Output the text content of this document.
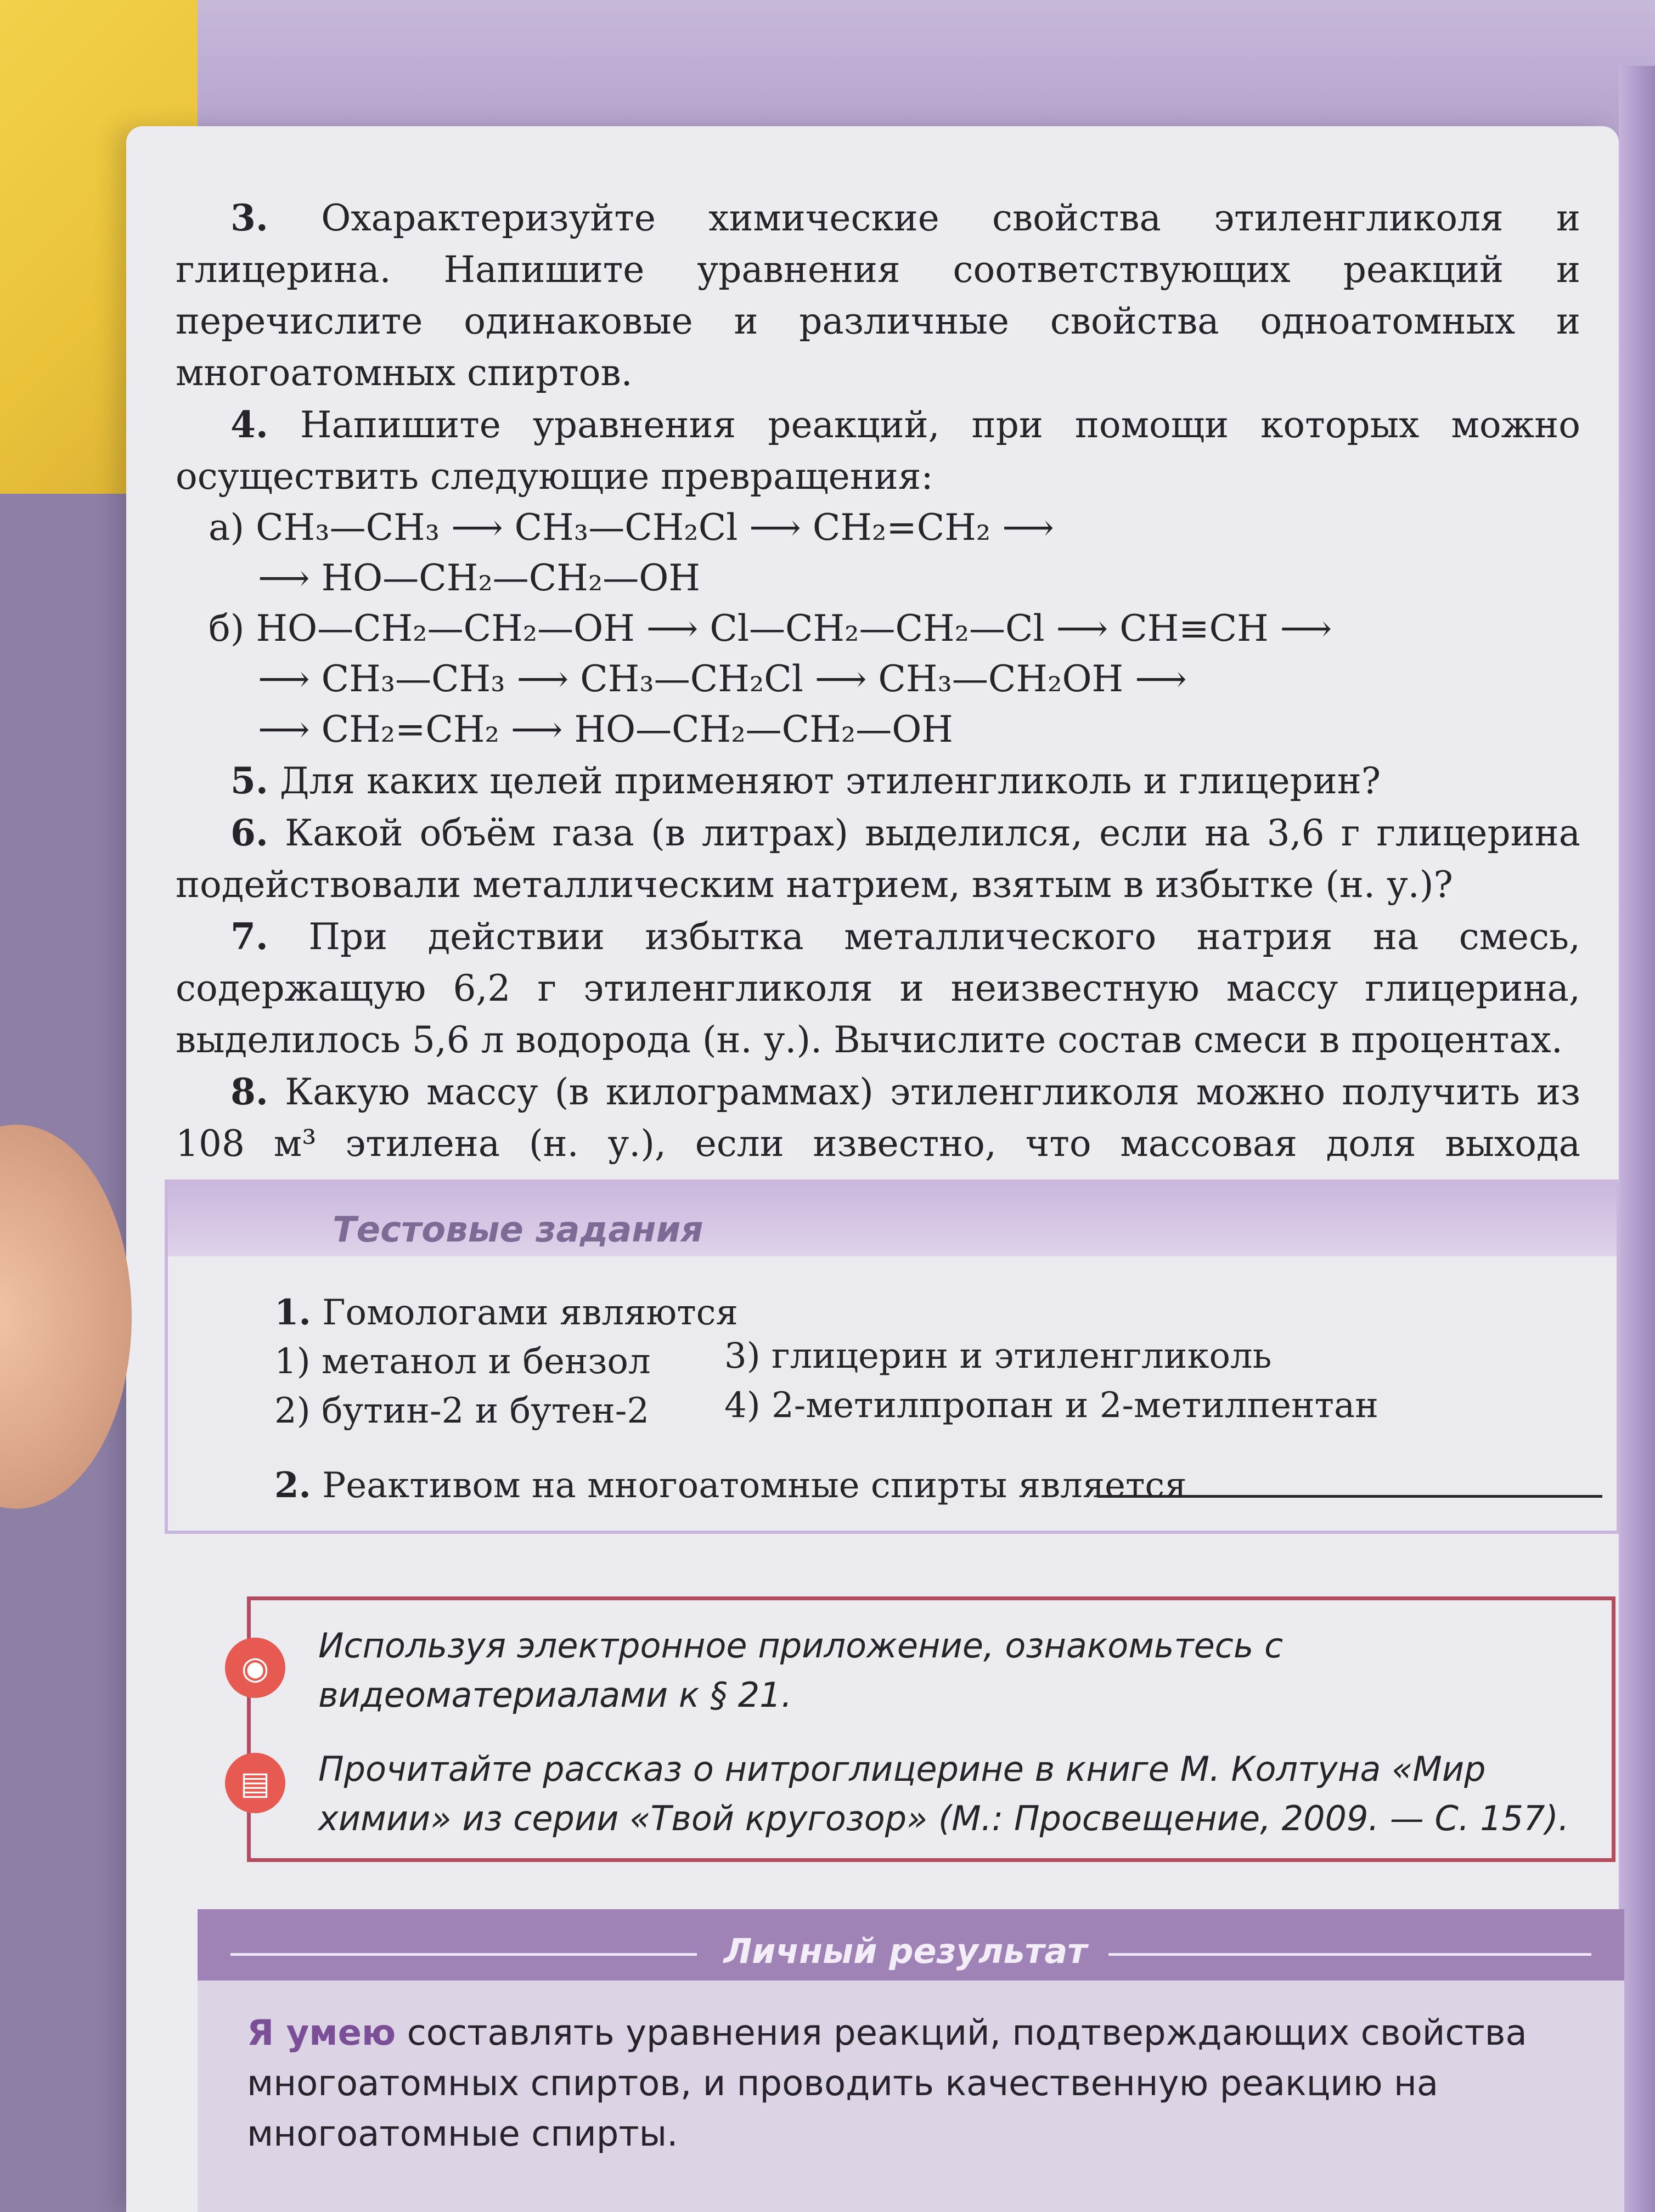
3. Охарактеризуйте химические свойства этиленгликоля и глицерина. Напишите уравнения соответствующих реакций и перечислите одинаковые и различные свойства одноатомных и многоатомных спиртов.

4. Напишите уравнения реакций, при помощи которых можно осуществить следующие превращения:

а) CH₃—CH₃ ⟶ CH₃—CH₂Cl ⟶ CH₂=CH₂ ⟶
⟶ HO—CH₂—CH₂—OH
б) HO—CH₂—CH₂—OH ⟶ Cl—CH₂—CH₂—Cl ⟶ CH≡CH ⟶
⟶ CH₃—CH₃ ⟶ CH₃—CH₂Cl ⟶ CH₃—CH₂OH ⟶
⟶ CH₂=CH₂ ⟶ HO—CH₂—CH₂—OH

5. Для каких целей применяют этиленгликоль и глицерин?

6. Какой объём газа (в литрах) выделился, если на 3,6 г глицерина подействовали металлическим натрием, взятым в избытке (н. у.)?

7. При действии избытка металлического натрия на смесь, содержащую 6,2 г этиленгликоля и неизвестную массу глицерина, выделилось 5,6 л водорода (н. у.). Вычислите состав смеси в процентах.

8. Какую массу (в килограммах) этиленгликоля можно получить из 108 м³ этилена (н. у.), если известно, что массовая доля выхода

Тестовые задания
1. Гомологами являются
1) метанол и бензол
2) бутин-2 и бутен-2
3) глицерин и этиленгликоль
4) 2-метилпропан и 2-метилпентан
2. Реактивом на многоатомные спирты является
◉
▤
Используя электронное приложение, ознакомьтесь с видеоматериалами к § 21.
Прочитайте рассказ о нитроглицерине в книге М. Колтуна «Мир химии» из серии «Твой кругозор» (М.: Просвещение, 2009. — С. 157).
Личный результат
Я умею составлять уравнения реакций, подтверждающих свойства многоатомных спиртов, и проводить качественную реакцию на многоатомные спирты.
